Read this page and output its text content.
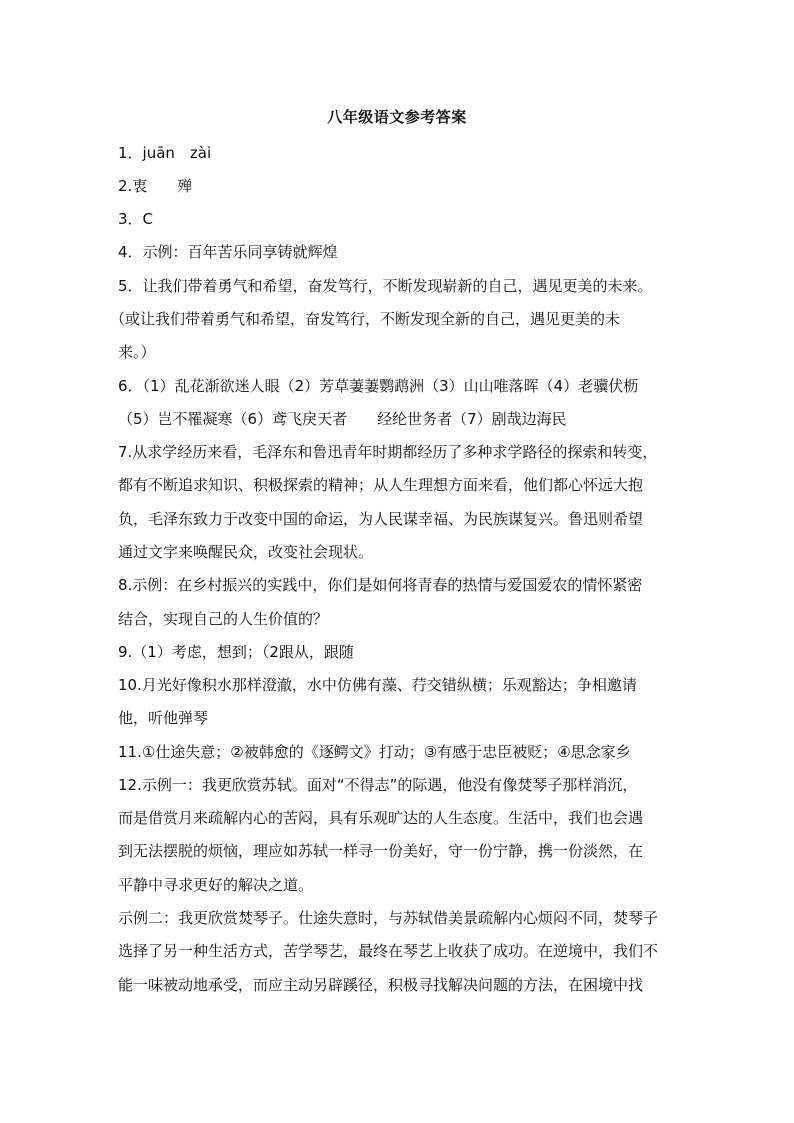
八年级语文参考答案
1．juān　zài
2.衷　　殚
3．C
4．示例：百年苦乐同享铸就辉煌
5．让我们带着勇气和希望，奋发笃行，不断发现崭新的自己，遇见更美的未来。
（或让我们带着勇气和希望，奋发笃行，不断发现全新的自己，遇见更美的未
来。）
6．（1）乱花渐欲迷人眼（2）芳草萋萋鹦鹉洲（3）山山唯落晖（4）老骥伏枥
（5）岂不罹凝寒（6）鸢飞戾天者　　经纶世务者（7）剧哉边海民
7.从求学经历来看，毛泽东和鲁迅青年时期都经历了多种求学路径的探索和转变，
都有不断追求知识、积极探索的精神；从人生理想方面来看，他们都心怀远大抱
负，毛泽东致力于改变中国的命运，为人民谋幸福、为民族谋复兴。鲁迅则希望
通过文字来唤醒民众，改变社会现状。
8.示例：在乡村振兴的实践中，你们是如何将青春的热情与爱国爱农的情怀紧密
结合，实现自己的人生价值的？
9.（1）考虑，想到；（2跟从，跟随
10.月光好像积水那样澄澈，水中仿佛有藻、荇交错纵横；乐观豁达；争相邀请
他，听他弹琴
11.①仕途失意；②被韩愈的《逐鳄文》打动；③有感于忠臣被贬；④思念家乡
12.示例一：我更欣赏苏轼。面对“不得志”的际遇，他没有像焚琴子那样消沉，
而是借赏月来疏解内心的苦闷，具有乐观旷达的人生态度。生活中，我们也会遇
到无法摆脱的烦恼，理应如苏轼一样寻一份美好，守一份宁静，携一份淡然，在
平静中寻求更好的解决之道。
示例二：我更欣赏焚琴子。仕途失意时，与苏轼借美景疏解内心烦闷不同，焚琴子
选择了另一种生活方式，苦学琴艺，最终在琴艺上收获了成功。在逆境中，我们不
能一味被动地承受，而应主动另辟蹊径，积极寻找解决问题的方法，在困境中找
